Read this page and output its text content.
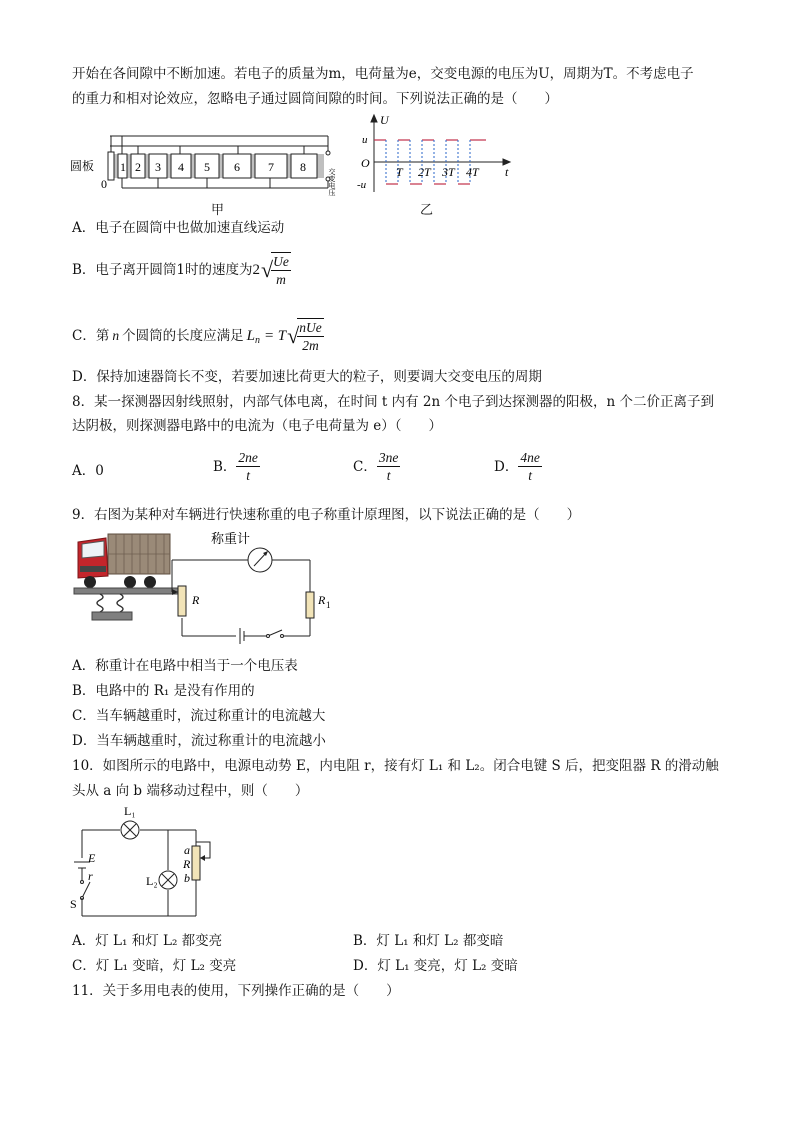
开始在各间隙中不断加速。若电子的质量为m，电荷量为e，交变电源的电压为U，周期为T。不考虑电子
的重力和相对论效应，忽略电子通过圆筒间隙的时间。下列说法正确的是（　　）
圆板
0
1 2 3 4 5 6 7 8
交变电压
甲
U
u
O
-u
T 2T 3T 4T t
乙
A．电子在圆筒中也做加速直线运动
B．电子离开圆筒1时的速度为 2 √
$\frac{Ue}{m}$
C．第 n 个圆筒的长度应满足 L n = T √
$\frac{\text{nUe}}{2m}$
D．保持加速器筒长不变，若要加速比荷更大的粒子，则要调大交变电压的周期
8．某一探测器因射线照射，内部气体电离，在时间 t 内有 2n 个电子到达探测器的阳极，n 个二价正离子到
达阴极，则探测器电路中的电流为（电子电荷量为 e）（　　）
A．0	B． $\frac{2ne}{t}$	C． $\frac{3ne}{t}$	D． $\frac{4ne}{t}$
9．右图为某种对车辆进行快速称重的电子称重计原理图，以下说法正确的是（　　）
称重计
R	R 1
A．称重计在电路中相当于一个电压表
B．电路中的 R₁ 是没有作用的
C．当车辆越重时，流过称重计的电流越大
D．当车辆越重时，流过称重计的电流越小
10．如图所示的电路中，电源电动势 E，内电阻 r，接有灯 L₁ 和 L₂。闭合电键 S 后，把变阻器 R 的滑动触
头从 a 向 b 端移动过程中，则（　　）
L₁
L₂
E
r
S
a
R
b
A．灯 L₁ 和灯 L₂ 都变亮	B．灯 L₁ 和灯 L₂ 都变暗
C．灯 L₁ 变暗，灯 L₂ 变亮	D．灯 L₁ 变亮，灯 L₂ 变暗
11．关于多用电表的使用，下列操作正确的是（　　）
